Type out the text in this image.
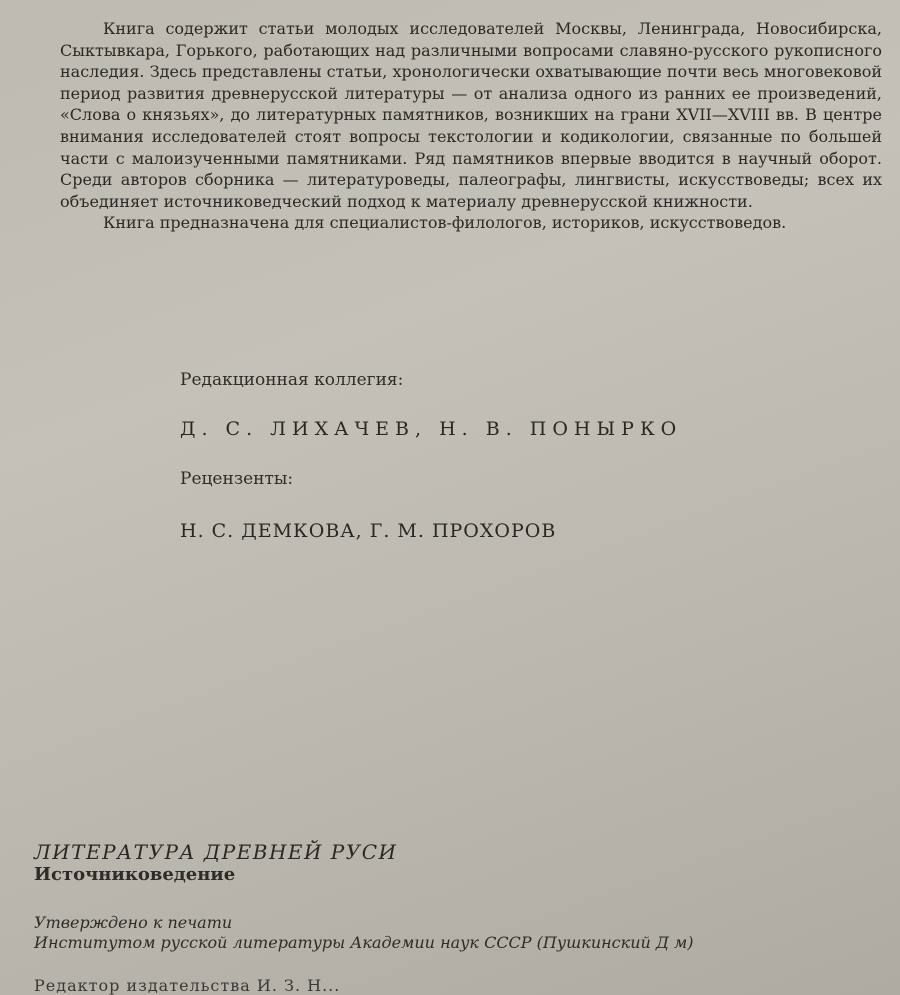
Книга содержит статьи молодых исследователей Москвы, Ленинграда, Новосибирска, Сыктывкара, Горького, работающих над различными вопросами славяно-русского рукописного наследия. Здесь представлены статьи, хронологически охватывающие почти весь многовековой период развития древнерусской литературы — от анализа одного из ранних ее произведений, «Слова о князьях», до литературных памятников, возникших на грани XVII—XVIII вв. В центре внимания исследователей стоят вопросы текстологии и кодикологии, связанные по большей части с малоизученными памятниками. Ряд памятников впервые вводится в научный оборот. Среди авторов сборника — литературоведы, палеографы, лингвисты, искусствоведы; всех их объединяет источниковедческий подход к материалу древнерусской книжности.

Книга предназначена для специалистов-филологов, историков, искусствоведов.

Редакционная коллегия:
Д. С. ЛИХАЧЕВ, Н. В. ПОНЫРКО
Рецензенты:
Н. С. ДЕМКОВА, Г. М. ПРОХОРОВ
ЛИТЕРАТУРА ДРЕВНЕЙ РУСИ
Источниковедение
Утверждено к печати
Институтом русской литературы Академии наук СССР (Пушкинский Д м)
Редактор издательства И. З. Н...
